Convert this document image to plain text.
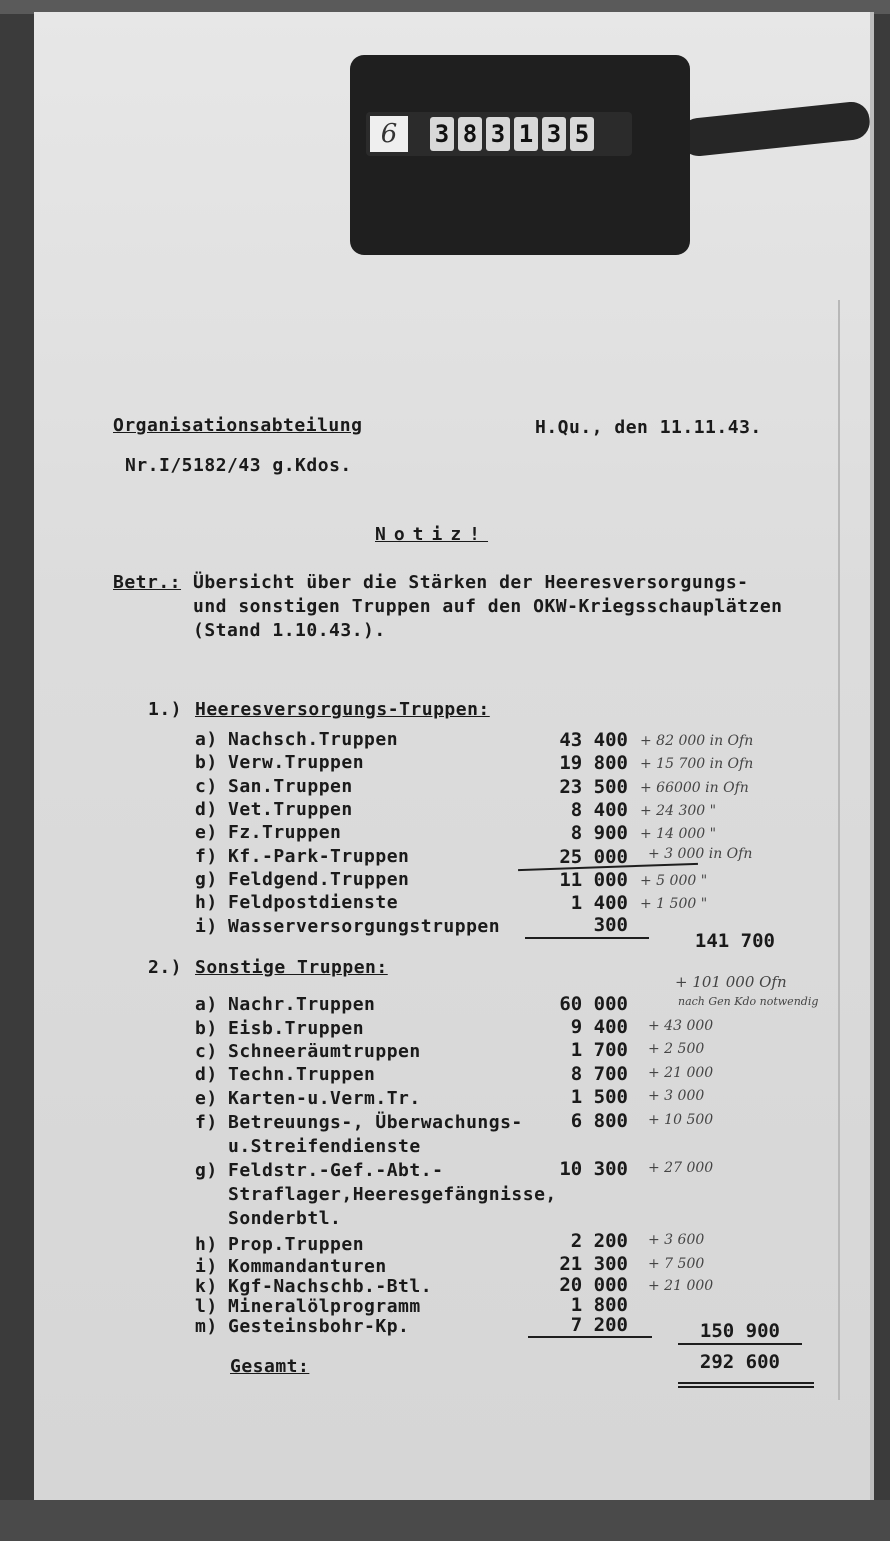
6	3 8 3 1 3 5
Organisationsabteilung
Nr.I/5182/43 g.Kdos.
H.Qu., den 11.11.43.
Notiz!
Betr.: Übersicht über die Stärken der Heeresversorgungs-
und sonstigen Truppen auf den OKW-Kriegsschauplätzen
(Stand 1.10.43.).
1.) Heeresversorgungs-Truppen:
a) Nachsch.Truppen	43 400 + 82 000 in Ofn
b) Verw.Truppen	19 800 + 15 700 in Ofn
c) San.Truppen	23 500 + 66000 in Ofn
d) Vet.Truppen	8 400 + 24 300 "
e) Fz.Truppen	8 900 + 14 000 "
f) Kf.-Park-Truppen	25 000 + 3 000 in Ofn
g) Feldgend.Truppen	11 000 + 5 000 "
h) Feldpostdienste	1 400 + 1 500 "
i) Wasserversorgungstruppen	300
141 700
2.) Sonstige Truppen:
+ 101 000 Ofn
nach Gen Kdo notwendig
a) Nachr.Truppen	60 000
b) Eisb.Truppen	9 400 + 43 000
c) Schneeräumtruppen	1 700 + 2 500
d) Techn.Truppen	8 700 + 21 000
e) Karten-u.Verm.Tr.	1 500 + 3 000
f) Betreuungs-, Überwachungs-
u.Streifendienste
6 800 + 10 500
g) Feldstr.-Gef.-Abt.-
Straflager,Heeresgefängnisse,
Sonderbtl.
10 300 + 27 000
h) Prop.Truppen	2 200 + 3 600
i) Kommandanturen	21 300 + 7 500
k) Kgf-Nachschb.-Btl.	20 000 + 21 000
l) Mineralölprogramm	1 800
m) Gesteinsbohr-Kp.	7 200	150 900
Gesamt:	292 600
